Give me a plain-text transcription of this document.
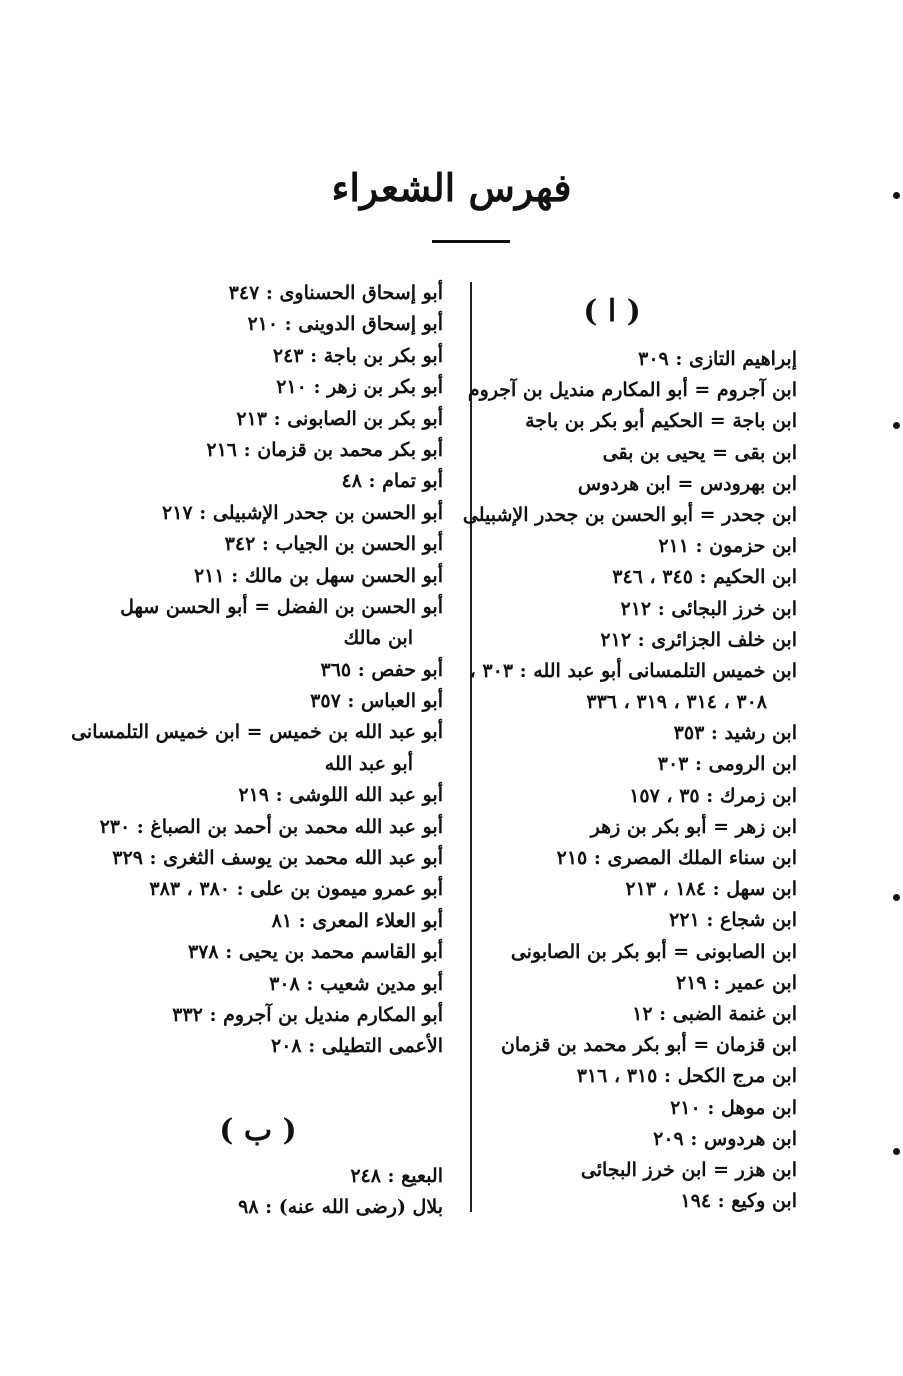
فهرس الشعراء
( ا )
إبراهيم التازى : ٣٠٩
ابن آجروم = أبو المكارم منديل بن آجروم
ابن باجة = الحكيم أبو بكر بن باجة
ابن بقى = يحيى بن بقى
ابن بهرودس = ابن هردوس
ابن جحدر = أبو الحسن بن جحدر الإشبيلى
ابن حزمون : ٢١١
ابن الحكيم : ٣٤٥ ، ٣٤٦
ابن خرز البجائى : ٢١٢
ابن خلف الجزائرى : ٢١٢
ابن خميس التلمسانى أبو عبد الله : ٣٠٣ ،
٣٠٨ ، ٣١٤ ، ٣١٩ ، ٣٣٦
ابن رشيد : ٣٥٣
ابن الرومى : ٣٠٣
ابن زمرك : ٣٥ ، ١٥٧
ابن زهر = أبو بكر بن زهر
ابن سناء الملك المصرى : ٢١٥
ابن سهل : ١٨٤ ، ٢١٣
ابن شجاع : ٢٢١
ابن الصابونى = أبو بكر بن الصابونى
ابن عمير : ٢١٩
ابن غنمة الضبى : ١٢
ابن قزمان = أبو بكر محمد بن قزمان
ابن مرج الكحل : ٣١٥ ، ٣١٦
ابن موهل : ٢١٠
ابن هردوس : ٢٠٩
ابن هزر = ابن خرز البجائى
ابن وكيع : ١٩٤
أبو إسحاق الحسناوى : ٣٤٧
أبو إسحاق الدوينى : ٢١٠
أبو بكر بن باجة : ٢٤٣
أبو بكر بن زهر : ٢١٠
أبو بكر بن الصابونى : ٢١٣
أبو بكر محمد بن قزمان : ٢١٦
أبو تمام : ٤٨
أبو الحسن بن جحدر الإشبيلى : ٢١٧
أبو الحسن بن الجياب : ٣٤٢
أبو الحسن سهل بن مالك : ٢١١
أبو الحسن بن الفضل = أبو الحسن سهل
ابن مالك
أبو حفص : ٣٦٥
أبو العباس : ٣٥٧
أبو عبد الله بن خميس = ابن خميس التلمسانى
أبو عبد الله
أبو عبد الله اللوشى : ٢١٩
أبو عبد الله محمد بن أحمد بن الصباغ : ٢٣٠
أبو عبد الله محمد بن يوسف الثغرى : ٣٢٩
أبو عمرو ميمون بن على : ٣٨٠ ، ٣٨٣
أبو العلاء المعرى : ٨١
أبو القاسم محمد بن يحيى : ٣٧٨
أبو مدين شعيب : ٣٠٨
أبو المكارم منديل بن آجروم : ٣٣٢
الأعمى التطيلى : ٢٠٨
( ب )
البعيع : ٢٤٨
بلال (رضى الله عنه) : ٩٨
